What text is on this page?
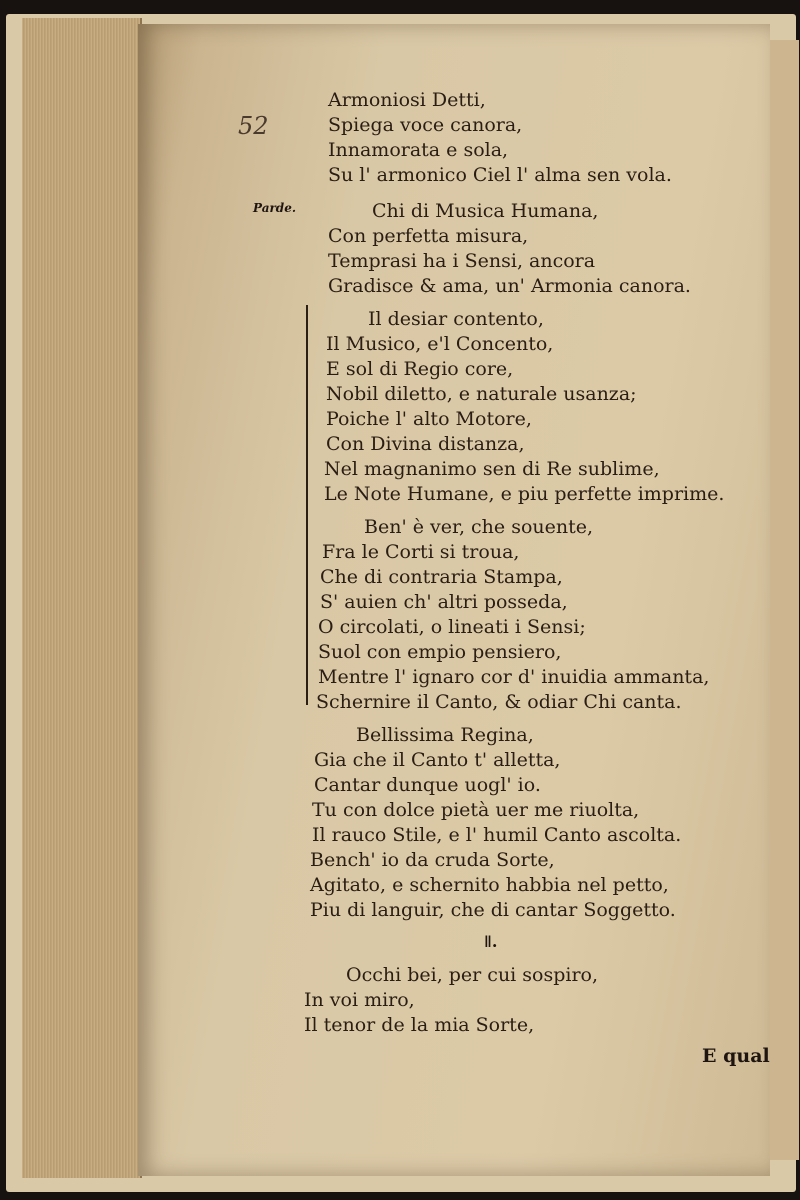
52
Parde.
Armoniosi Detti,
Spiega voce canora,
Innamorata e sola,
Su l' armonico Ciel l' alma sen vola.
Chi di Musica Humana,
Con perfetta misura,
Temprasi ha i Sensi, ancora
Gradisce & ama, un' Armonia canora.
Il desiar contento,
Il Musico, e'l Concento,
E sol di Regio core,
Nobil diletto, e naturale usanza;
Poiche l' alto Motore,
Con Divina distanza,
Nel magnanimo sen di Re sublime,
Le Note Humane, e piu perfette imprime.
Ben' è ver, che souente,
Fra le Corti si troua,
Che di contraria Stampa,
S' auien ch' altri posseda,
O circolati, o lineati i Sensi;
Suol con empio pensiero,
Mentre l' ignaro cor d' inuidia ammanta,
Schernire il Canto, & odiar Chi canta.
Bellissima Regina,
Gia che il Canto t' alletta,
Cantar dunque uogl' io.
Tu con dolce pietà uer me riuolta,
Il rauco Stile, e l' humil Canto ascolta.
Bench' io da cruda Sorte,
Agitato, e schernito habbia nel petto,
Piu di languir, che di cantar Soggetto.
ǁ.
Occhi bei, per cui sospiro,
In voi miro,
Il tenor de la mia Sorte,
E qual
